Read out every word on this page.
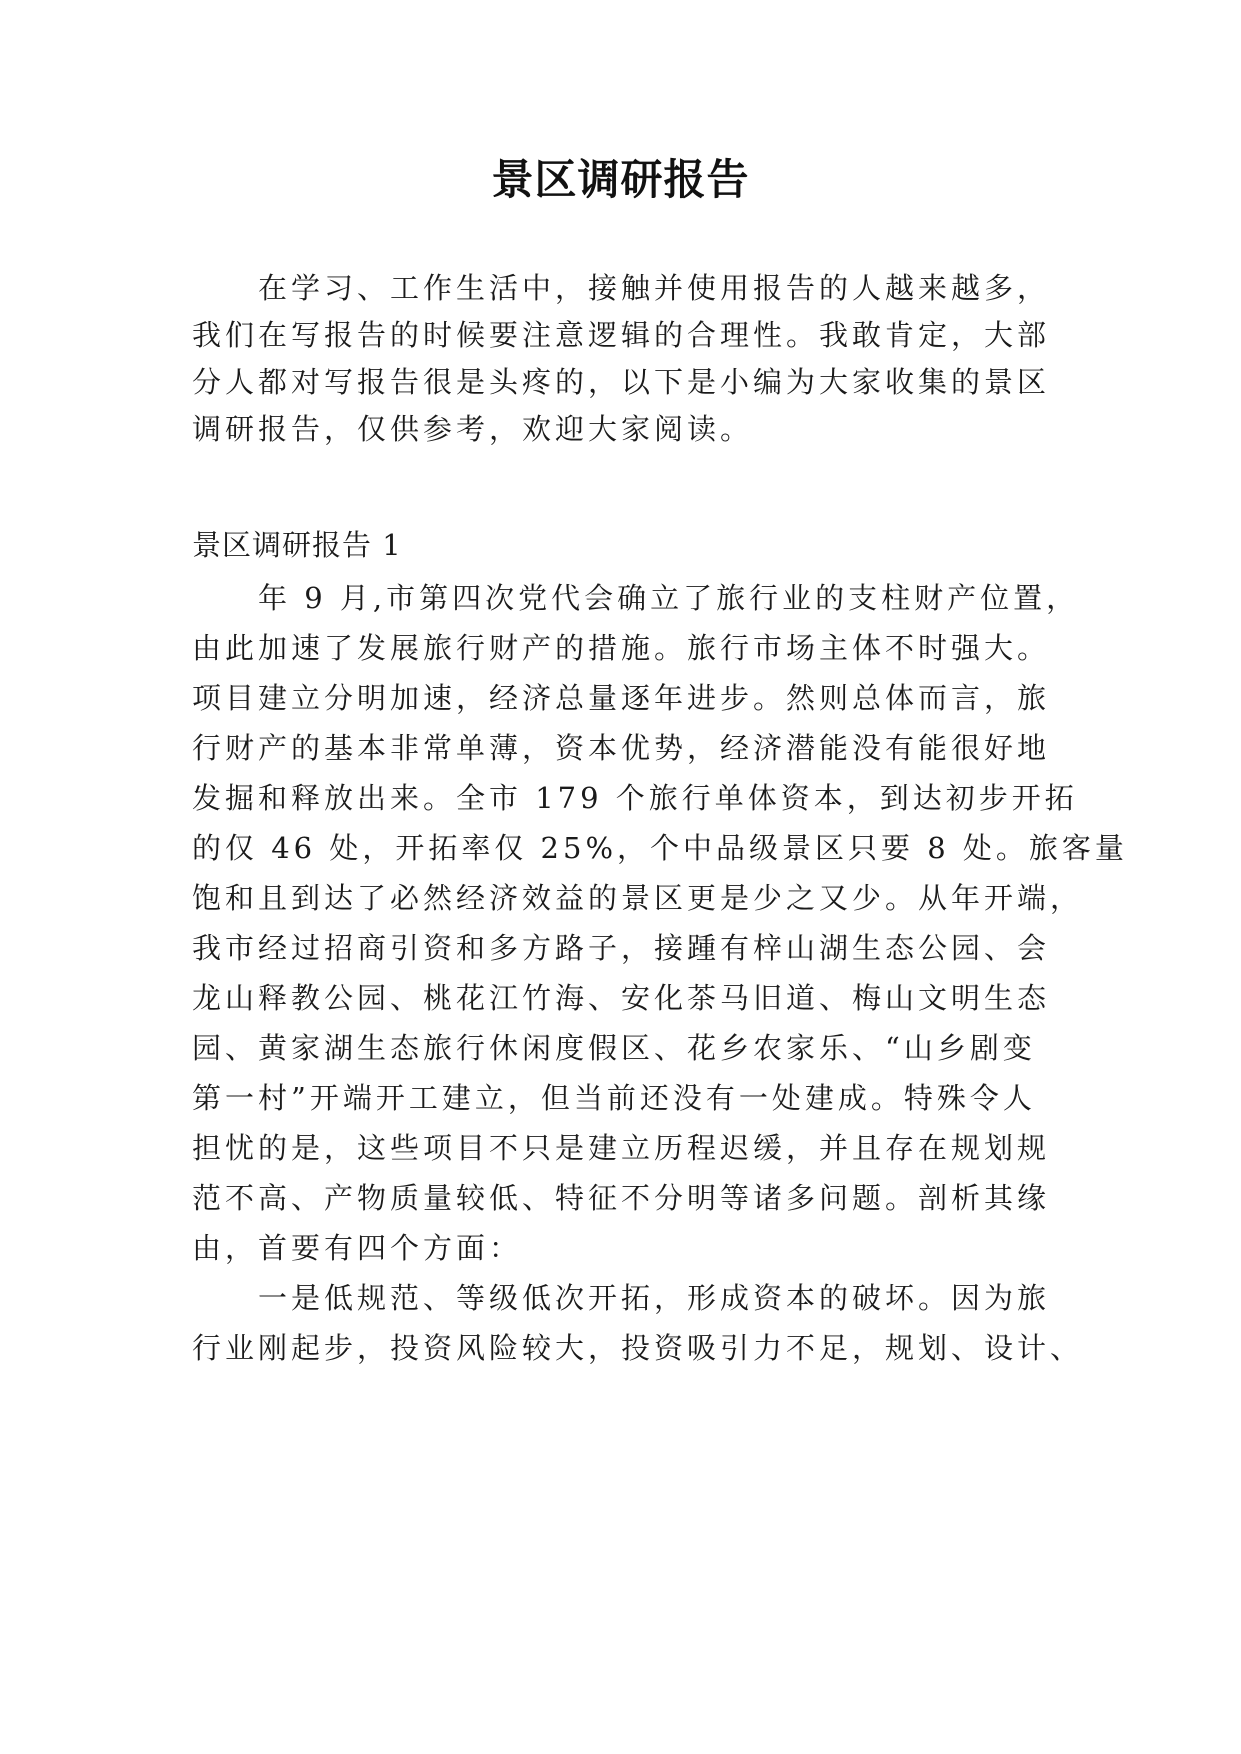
景区调研报告
在学习、工作生活中，接触并使用报告的人越来越多，
我们在写报告的时候要注意逻辑的合理性。我敢肯定，大部
分人都对写报告很是头疼的，以下是小编为大家收集的景区
调研报告，仅供参考，欢迎大家阅读。
景区调研报告 1
年 9 月,市第四次党代会确立了旅行业的支柱财产位置，
由此加速了发展旅行财产的措施。旅行市场主体不时强大。
项目建立分明加速，经济总量逐年进步。然则总体而言，旅
行财产的基本非常单薄，资本优势，经济潜能没有能很好地
发掘和释放出来。全市 179 个旅行单体资本，到达初步开拓
的仅 46 处，开拓率仅 25%，个中品级景区只要 8 处。旅客量
饱和且到达了必然经济效益的景区更是少之又少。从年开端，
我市经过招商引资和多方路子，接踵有梓山湖生态公园、会
龙山释教公园、桃花江竹海、安化茶马旧道、梅山文明生态
园、黄家湖生态旅行休闲度假区、花乡农家乐、“山乡剧变
第一村”开端开工建立，但当前还没有一处建成。特殊令人
担忧的是，这些项目不只是建立历程迟缓，并且存在规划规
范不高、产物质量较低、特征不分明等诸多问题。剖析其缘
由，首要有四个方面：
一是低规范、等级低次开拓，形成资本的破坏。因为旅
行业刚起步，投资风险较大，投资吸引力不足，规划、设计、
